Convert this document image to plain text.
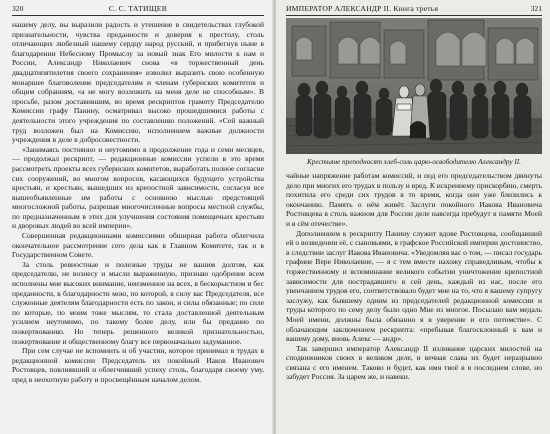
320	С. С. ТАТИЩЕВ

нашему делу, вы выразили радость и утешение в свидетельствах глубокой признательности, чувства преданности и доверия к престолу, столь отличающих любезный нашему сердцу народ русский, и прибегнув ныне в благодарении Небесному Промыслу за новый знак Его милости к нам и России, Александр Николаевич снова «в торжественный день двадцатипятилетия своего сохранения» изволил выразить свою особенную монаршее благоволение председателям и членам губернских комитетов и общим собраниям, «а не могу возложить на меня деле не способным». В просьбе, разом доставившим, во время рескриптов грамоту Председателю Комиссии графу Панину, осматривал высоко прошедшимися работы с деятельности этого учреждения по составлению положений. «Сей важный труд возложен был на Комиссию, исполнением важные должности учреждения в деле в добросовестности.

«Занимаясь постоянно и неутомимо в продолжение года и семи месяцев, — продолжал рескрипт, — редакционные комиссии успели в это время рассмотреть проекты всех губернских комитетов, выработать полное согласие сих сооружений, во многом вопросов, касающихся будущего устройства крестьян, и крестьян, вышедших из крепостной зависимости, согласуя все вышеобъявленные им работы с основною мыслью предстоящей многосложной работы, разрешая многочисленные вопросы местной службы, по предназначенным в этих для улучшения состояния помещичьих крестьян и дворовых людей во всей империи».

Совершенная редакционными комиссиями обширная работа облегчила окончательное рассмотрение сего дела как в Главном Комитете, так и в Государственном Совете.

За столь ревностные и полезные труды не вашим долгом, как председателю, не вознесу и мысли выраженную, признаю одобрение всем исполнены мне высоких внимание, неизменное на всех, в бескорыстном и бес преданности, в благодарности мою, по которой, в силу вас Председателя, все служенные деятелям благодарности есть по закон, и силы обязанные; по силе по которые, по моим тоже мыслям, то стала доставленной деятельным усилием неутомимо, по такому более делу, или бы преданно по пожертвованию. Но теперь решенного великой признательностью, пожертвование и общественному благу все первоначально задуманное.

При сем случае не вспомнить и об участии, которое принимал в трудах в редакционной комиссии Председатель их покойный Иаков Иванович Ростовцев, повлиявший и облегчивший успеху столь, благодаря своему уму, пред в неохотную работу и просвещённым началом делом.

ИМПЕРАТОР АЛЕКСАНДР II. Книга третья	321
Крестьяне преподносят хлеб-соль царю-освободителю Александру II.

чайные напряжение работам комиссий, и под его председательством двинуты дело при многих его трудах в пользу и вред. К искреннему прискорбию, смерть похитила его среди сих трудов в то время, когда они уже близились к окончанию. Память о нём живёт. Заслуги покойного Иакова Ивановича Ростовцева в столь важном для России деле навсегда пребудут в памяти Моей и в сём отечестве».

Дополнением к рескрипту Панину служит вдове Ростовцева, сообщавший ей о возведении её, с сыновьями, в графское Российской империи достоинство, в следствии заслуг Иакова Ивановича. «Уведомляя вас о том, — писал государь графине Вере Николаевне, — я с тем вместе нахожу справедливым, чтобы к торжественному и вспоминание великого событии уничтожение крепостной зависимости для пострадавшего в сей день, каждый из нас, после его увенчанием трудов его, соответствовало будет мне на то, что я вашему супругу заслужу, как бывшему одним из председателей редакционной комиссии и труды которого по сему делу было одно Мне из многое. Посылаю вам медаль Моей имени, должны была обязанно я в уверение и его потомстве». С облачающим заключением рескрипта: «пребывая благосклонный к вам и вашему дому, вновь Алекс — андр».

Так завершил император Александр II изливание царских милостей на сподвижников своих в великом деле, и вечная слава их будет неразрывно связана с его именем. Таково и будет, как имя твоё в в последнем слове, но забудет Россия. За царем же, и навеки.
